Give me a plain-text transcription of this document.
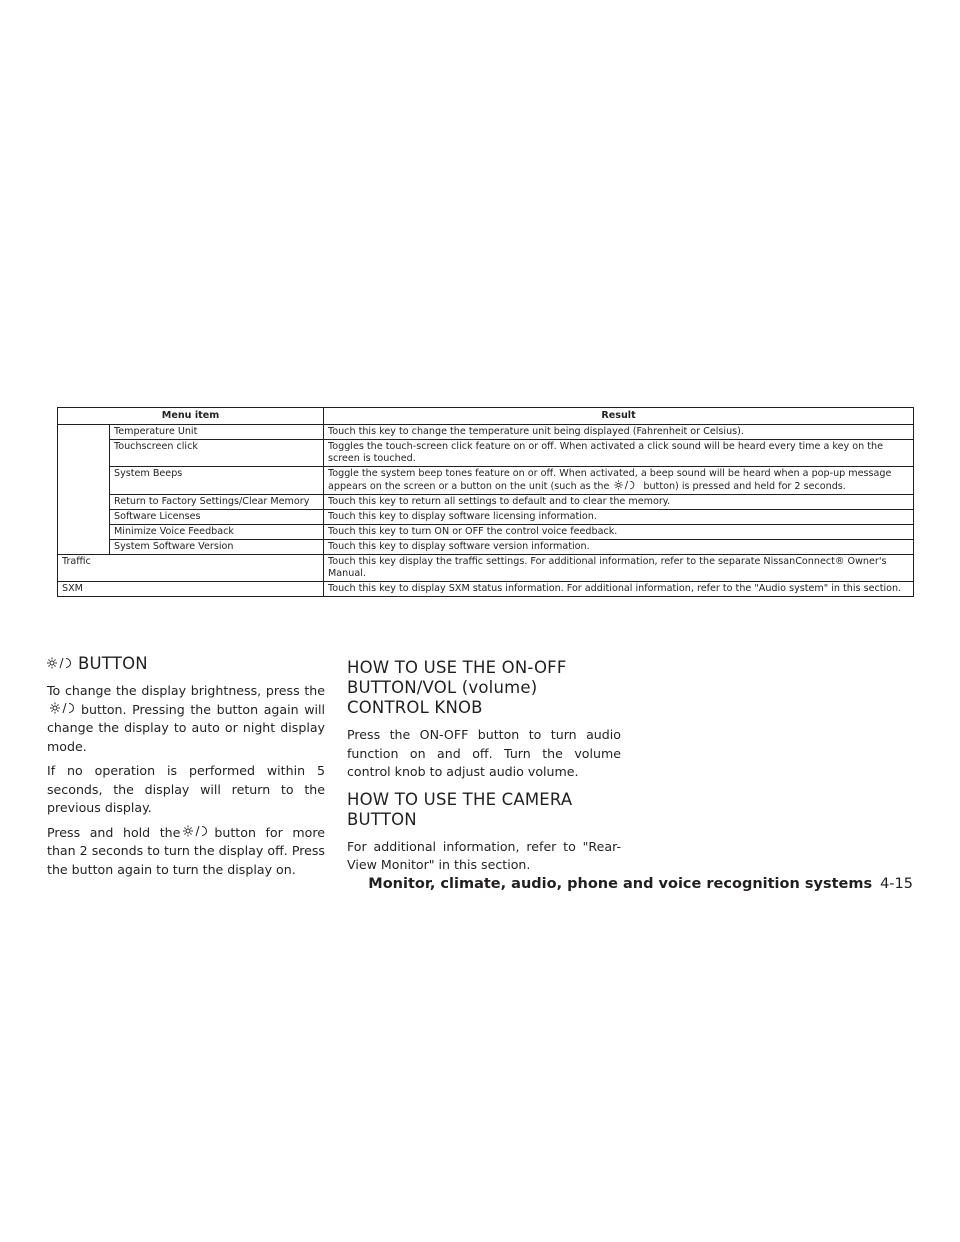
Menu item		Result
	Temperature Unit	Touch this key to change the temperature unit being displayed (Fahrenheit or Celsius).
	Touchscreen click	Toggles the touch-screen click feature on or off. When activated a click sound will be heard every time a key on the screen is touched.
	System Beeps	Toggle the system beep tones feature on or off. When activated, a beep sound will be heard when a pop-up message appears on the screen or a button on the unit (such as the button) is pressed and held for 2 seconds.
	Return to Factory Settings/Clear Memory	Touch this key to return all settings to default and to clear the memory.
	Software Licenses	Touch this key to display software licensing information.
	Minimize Voice Feedback	Touch this key to turn ON or OFF the control voice feedback.
	System Software Version	Touch this key to display software version information.
Traffic		Touch this key display the traffic settings. For additional information, refer to the separate NissanConnect® Owner's Manual.
SXM		Touch this key to display SXM status information. For additional information, refer to the "Audio system" in this section.
BUTTON

To change the display brightness, press thebutton. Pressing the button again will change the display to auto or night display mode.

If no operation is performed within 5 seconds, the display will return to the previous display.

Press and hold the	button for more than 2 seconds to turn the display off. Press the button again to turn the display on.

HOW TO USE THE ON-OFF BUTTON/VOL (volume) CONTROL KNOB

Press the ON-OFF button to turn audio function on and off. Turn the volume control knob to adjust audio volume.

HOW TO USE THE CAMERA BUTTON

For additional information, refer to "Rear-View Monitor" in this section.

Monitor, climate, audio, phone and voice recognition systems 4-15
